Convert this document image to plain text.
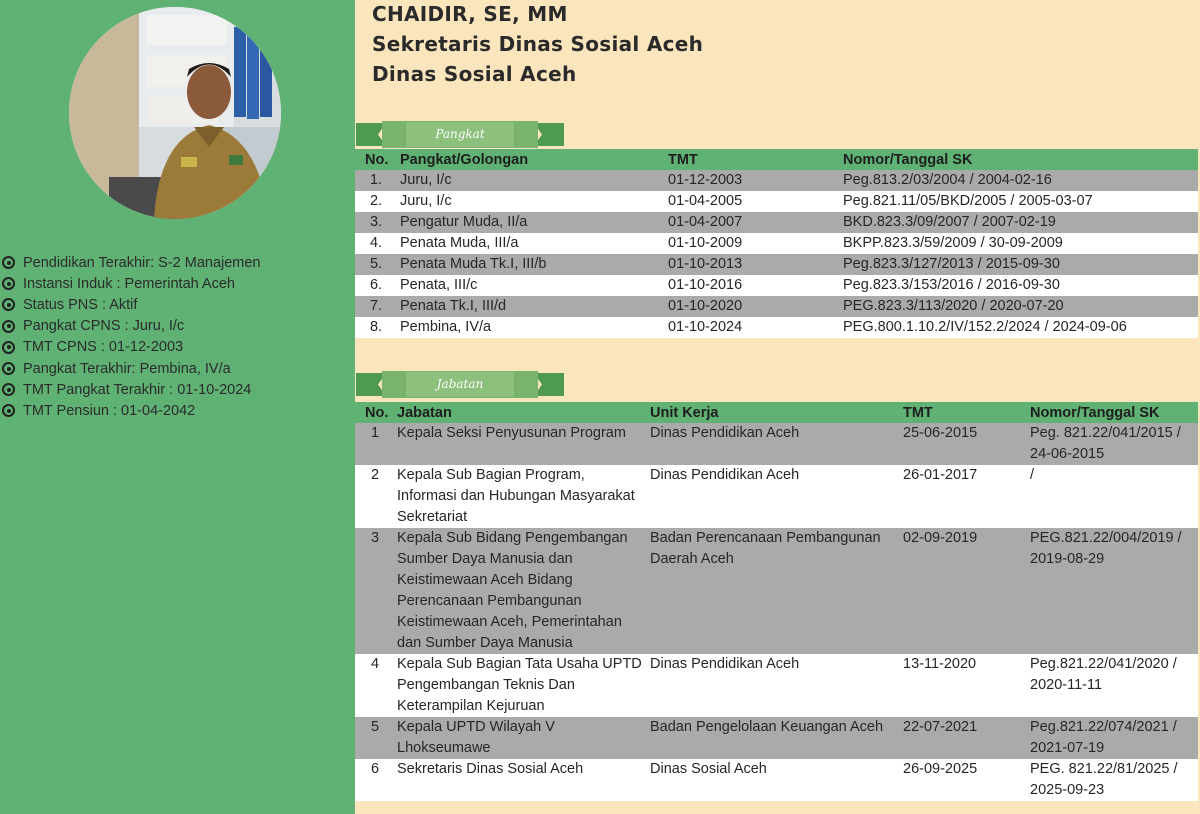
Pendidikan Terakhir: S-2 Manajemen
Instansi Induk : Pemerintah Aceh
Status PNS : Aktif
Pangkat CPNS : Juru, I/c
TMT CPNS : 01-12-2003
Pangkat Terakhir: Pembina, IV/a
TMT Pangkat Terakhir : 01-10-2024
TMT Pensiun : 01-04-2042
CHAIDIR, SE, MM
Sekretaris Dinas Sosial Aceh
Dinas Sosial Aceh
Pangkat
No.	Pangkat/Golongan	TMT	Nomor/Tanggal SK
1.	Juru, I/c	01-12-2003	Peg.813.2/03/2004 / 2004-02-16
2.	Juru, I/c	01-04-2005	Peg.821.11/05/BKD/2005 / 2005-03-07
3.	Pengatur Muda, II/a	01-04-2007	BKD.823.3/09/2007 / 2007-02-19
4.	Penata Muda, III/a	01-10-2009	BKPP.823.3/59/2009 / 30-09-2009
5.	Penata Muda Tk.I, III/b	01-10-2013	Peg.823.3/127/2013 / 2015-09-30
6.	Penata, III/c	01-10-2016	Peg.823.3/153/2016 / 2016-09-30
7.	Penata Tk.I, III/d	01-10-2020	PEG.823.3/113/2020 / 2020-07-20
8.	Pembina, IV/a	01-10-2024	PEG.800.1.10.2/IV/152.2/2024 / 2024-09-06
Jabatan
No.	Jabatan	Unit Kerja	TMT	Nomor/Tanggal SK
1	Kepala Seksi Penyusunan Program	Dinas Pendidikan Aceh	25-06-2015	Peg. 821.22/041/2015 / 24-06-2015
2	Kepala Sub Bagian Program, Informasi dan Hubungan Masyarakat Sekretariat	Dinas Pendidikan Aceh	26-01-2017	/
3	Kepala Sub Bidang Pengembangan Sumber Daya Manusia dan Keistimewaan Aceh Bidang Perencanaan Pembangunan Keistimewaan Aceh, Pemerintahan dan Sumber Daya Manusia	Badan Perencanaan Pembangunan Daerah Aceh	02-09-2019	PEG.821.22/004/2019 / 2019-08-29
4	Kepala Sub Bagian Tata Usaha UPTD Pengembangan Teknis Dan Keterampilan Kejuruan	Dinas Pendidikan Aceh	13-11-2020	Peg.821.22/041/2020 / 2020-11-11
5	Kepala UPTD Wilayah V Lhokseumawe	Badan Pengelolaan Keuangan Aceh	22-07-2021	Peg.821.22/074/2021 / 2021-07-19
6	Sekretaris Dinas Sosial Aceh	Dinas Sosial Aceh	26-09-2025	PEG. 821.22/81/2025 / 2025-09-23
